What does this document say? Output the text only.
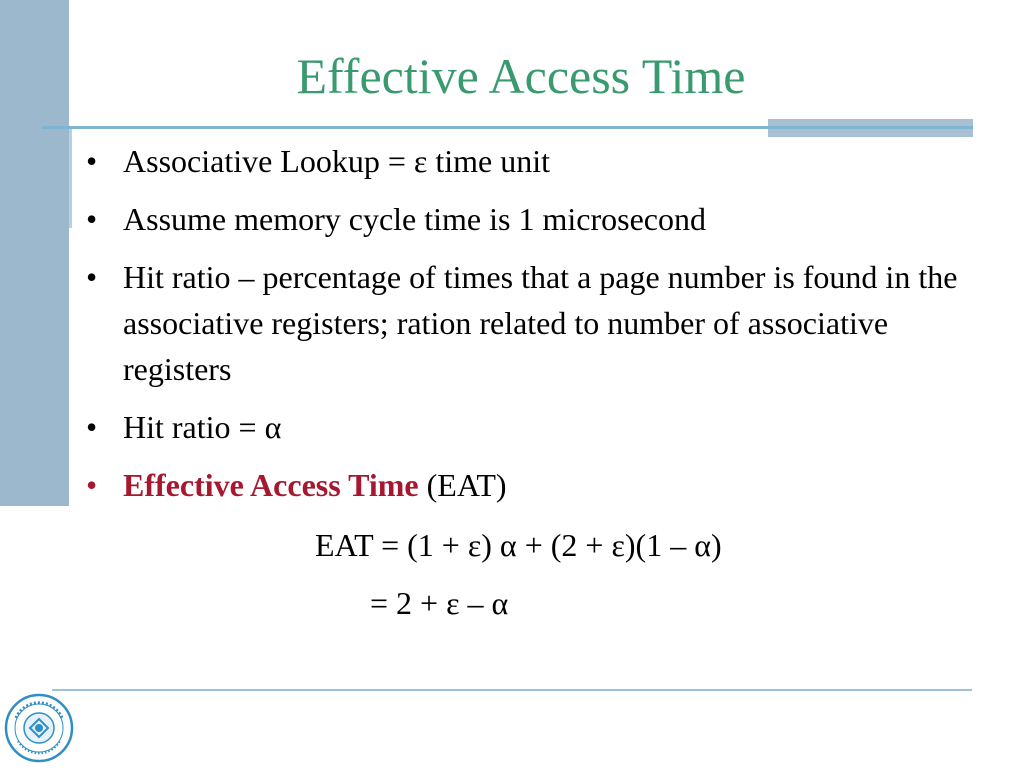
Effective Access Time
• Associative Lookup = ε time unit
• Assume memory cycle time is 1 microsecond
• Hit ratio – percentage of times that a page number is found in the associative registers; ration related to number of associative registers
• Hit ratio = α
• Effective Access Time (EAT)
EAT = (1 + ε) α + (2 + ε)(1 – α)
= 2 + ε – α
